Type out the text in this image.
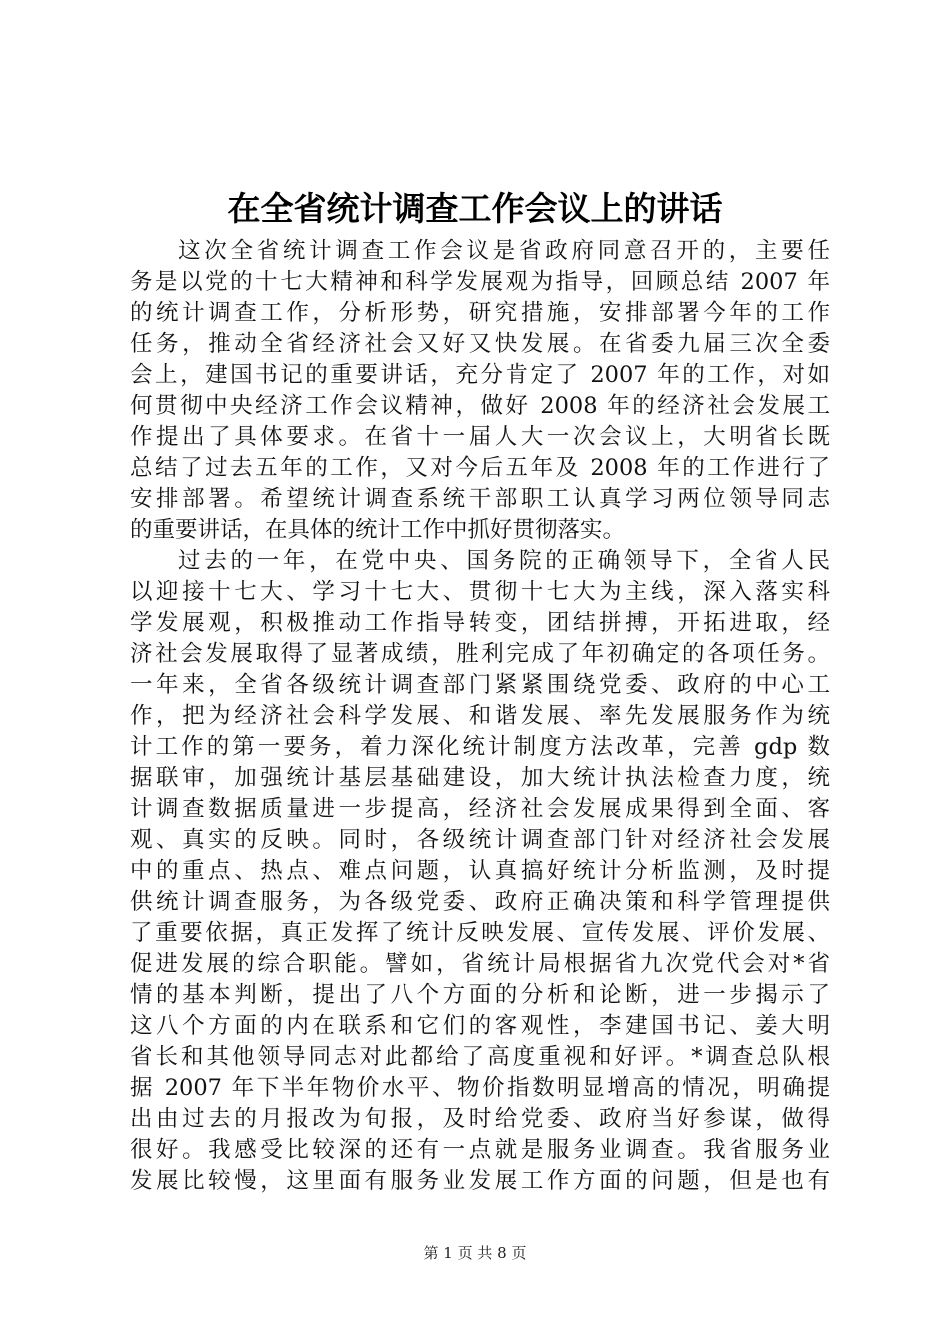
在全省统计调查工作会议上的讲话
这次全省统计调查工作会议是省政府同意召开的，主要任
务是以党的十七大精神和科学发展观为指导，回顾总结 2007 年
的统计调查工作，分析形势，研究措施，安排部署今年的工作
任务，推动全省经济社会又好又快发展。在省委九届三次全委
会上，建国书记的重要讲话，充分肯定了 2007 年的工作，对如
何贯彻中央经济工作会议精神，做好 2008 年的经济社会发展工
作提出了具体要求。在省十一届人大一次会议上，大明省长既
总结了过去五年的工作，又对今后五年及 2008 年的工作进行了
安排部署。希望统计调查系统干部职工认真学习两位领导同志
的重要讲话，在具体的统计工作中抓好贯彻落实。
过去的一年，在党中央、国务院的正确领导下，全省人民
以迎接十七大、学习十七大、贯彻十七大为主线，深入落实科
学发展观，积极推动工作指导转变，团结拼搏，开拓进取，经
济社会发展取得了显著成绩，胜利完成了年初确定的各项任务。
一年来，全省各级统计调查部门紧紧围绕党委、政府的中心工
作，把为经济社会科学发展、和谐发展、率先发展服务作为统
计工作的第一要务，着力深化统计制度方法改革，完善 gdp 数
据联审，加强统计基层基础建设，加大统计执法检查力度，统
计调查数据质量进一步提高，经济社会发展成果得到全面、客
观、真实的反映。同时，各级统计调查部门针对经济社会发展
中的重点、热点、难点问题，认真搞好统计分析监测，及时提
供统计调查服务，为各级党委、政府正确决策和科学管理提供
了重要依据，真正发挥了统计反映发展、宣传发展、评价发展、
促进发展的综合职能。譬如，省统计局根据省九次党代会对*省
情的基本判断，提出了八个方面的分析和论断，进一步揭示了
这八个方面的内在联系和它们的客观性，李建国书记、姜大明
省长和其他领导同志对此都给了高度重视和好评。*调查总队根
据 2007 年下半年物价水平、物价指数明显增高的情况，明确提
出由过去的月报改为旬报，及时给党委、政府当好参谋，做得
很好。我感受比较深的还有一点就是服务业调查。我省服务业
发展比较慢，这里面有服务业发展工作方面的问题，但是也有
第 1 页 共 8 页
